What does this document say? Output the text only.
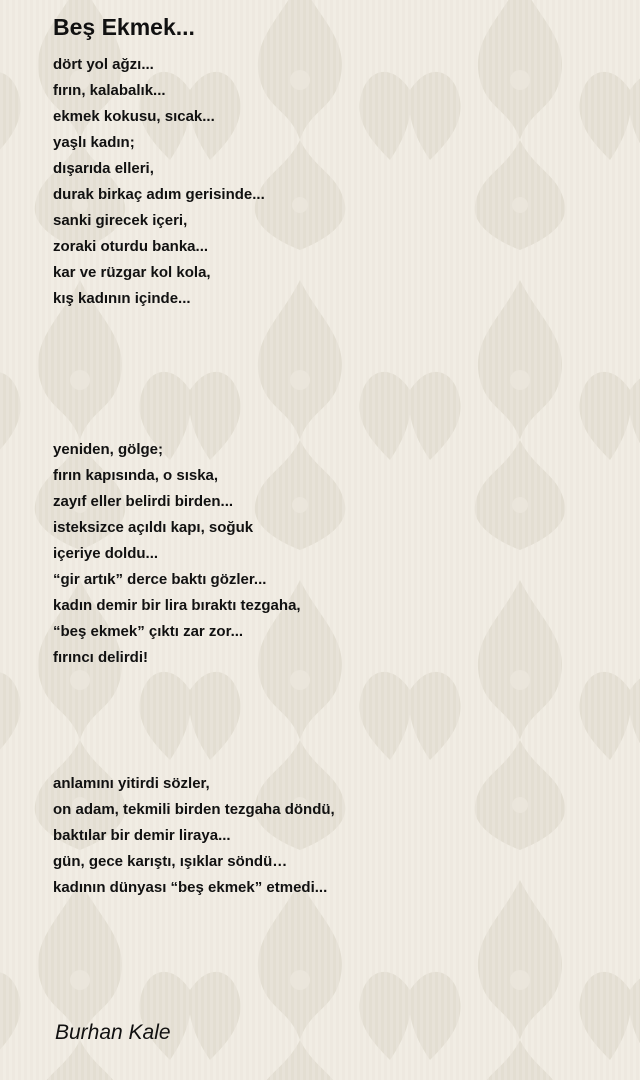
Beş Ekmek...
dört yol ağzı...
fırın, kalabalık...
ekmek kokusu, sıcak...
yaşlı kadın;
dışarıda elleri,
durak birkaç adım gerisinde...
sanki girecek içeri,
zoraki oturdu banka...
kar ve rüzgar kol kola,
kış kadının içinde...
yeniden, gölge;
fırın kapısında, o sıska,
zayıf eller belirdi birden...
isteksizce açıldı kapı, soğuk
içeriye doldu...
“gir artık” derce baktı gözler...
kadın demir bir lira bıraktı tezgaha,
“beş ekmek” çıktı zar zor...
fırıncı delirdi!
anlamını yitirdi sözler,
on adam, tekmili birden tezgaha döndü,
baktılar bir demir liraya...
gün, gece karıştı, ışıklar söndü…
kadının dünyası “beş ekmek” etmedi...

Burhan Kale
